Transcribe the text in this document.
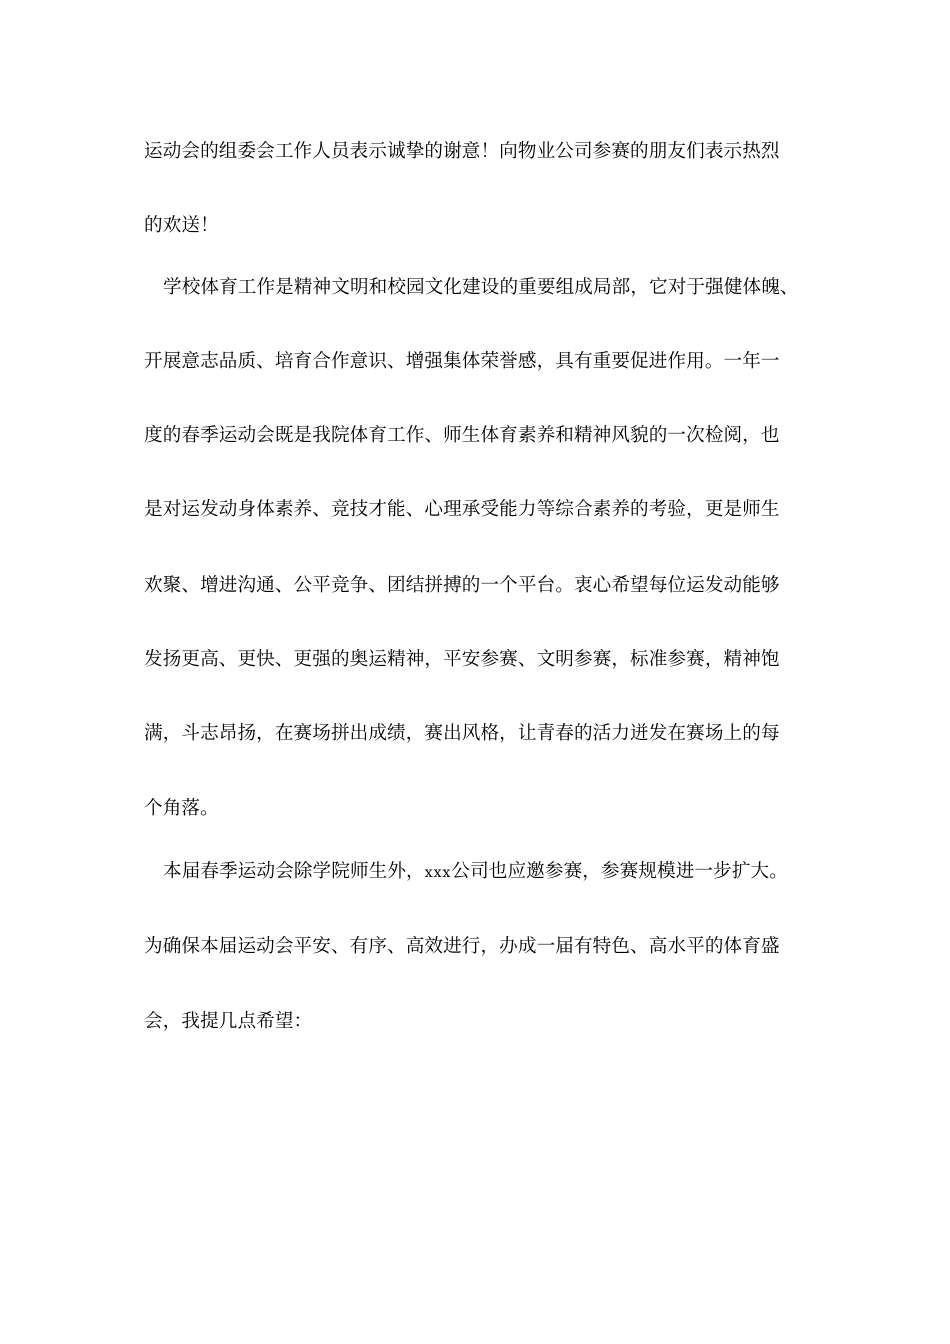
运动会的组委会工作人员表示诚挚的谢意！向物业公司参赛的朋友们表示热烈
的欢送！
学校体育工作是精神文明和校园文化建设的重要组成局部，它对于强健体魄、
开展意志品质、培育合作意识、增强集体荣誉感，具有重要促进作用。一年一
度的春季运动会既是我院体育工作、师生体育素养和精神风貌的一次检阅，也
是对运发动身体素养、竞技才能、心理承受能力等综合素养的考验，更是师生
欢聚、增进沟通、公平竞争、团结拼搏的一个平台。衷心希望每位运发动能够
发扬更高、更快、更强的奥运精神，平安参赛、文明参赛，标准参赛，精神饱
满，斗志昂扬，在赛场拼出成绩，赛出风格，让青春的活力迸发在赛场上的每
个角落。
本届春季运动会除学院师生外，xxx公司也应邀参赛，参赛规模进一步扩大。
为确保本届运动会平安、有序、高效进行，办成一届有特色、高水平的体育盛
会，我提几点希望：
